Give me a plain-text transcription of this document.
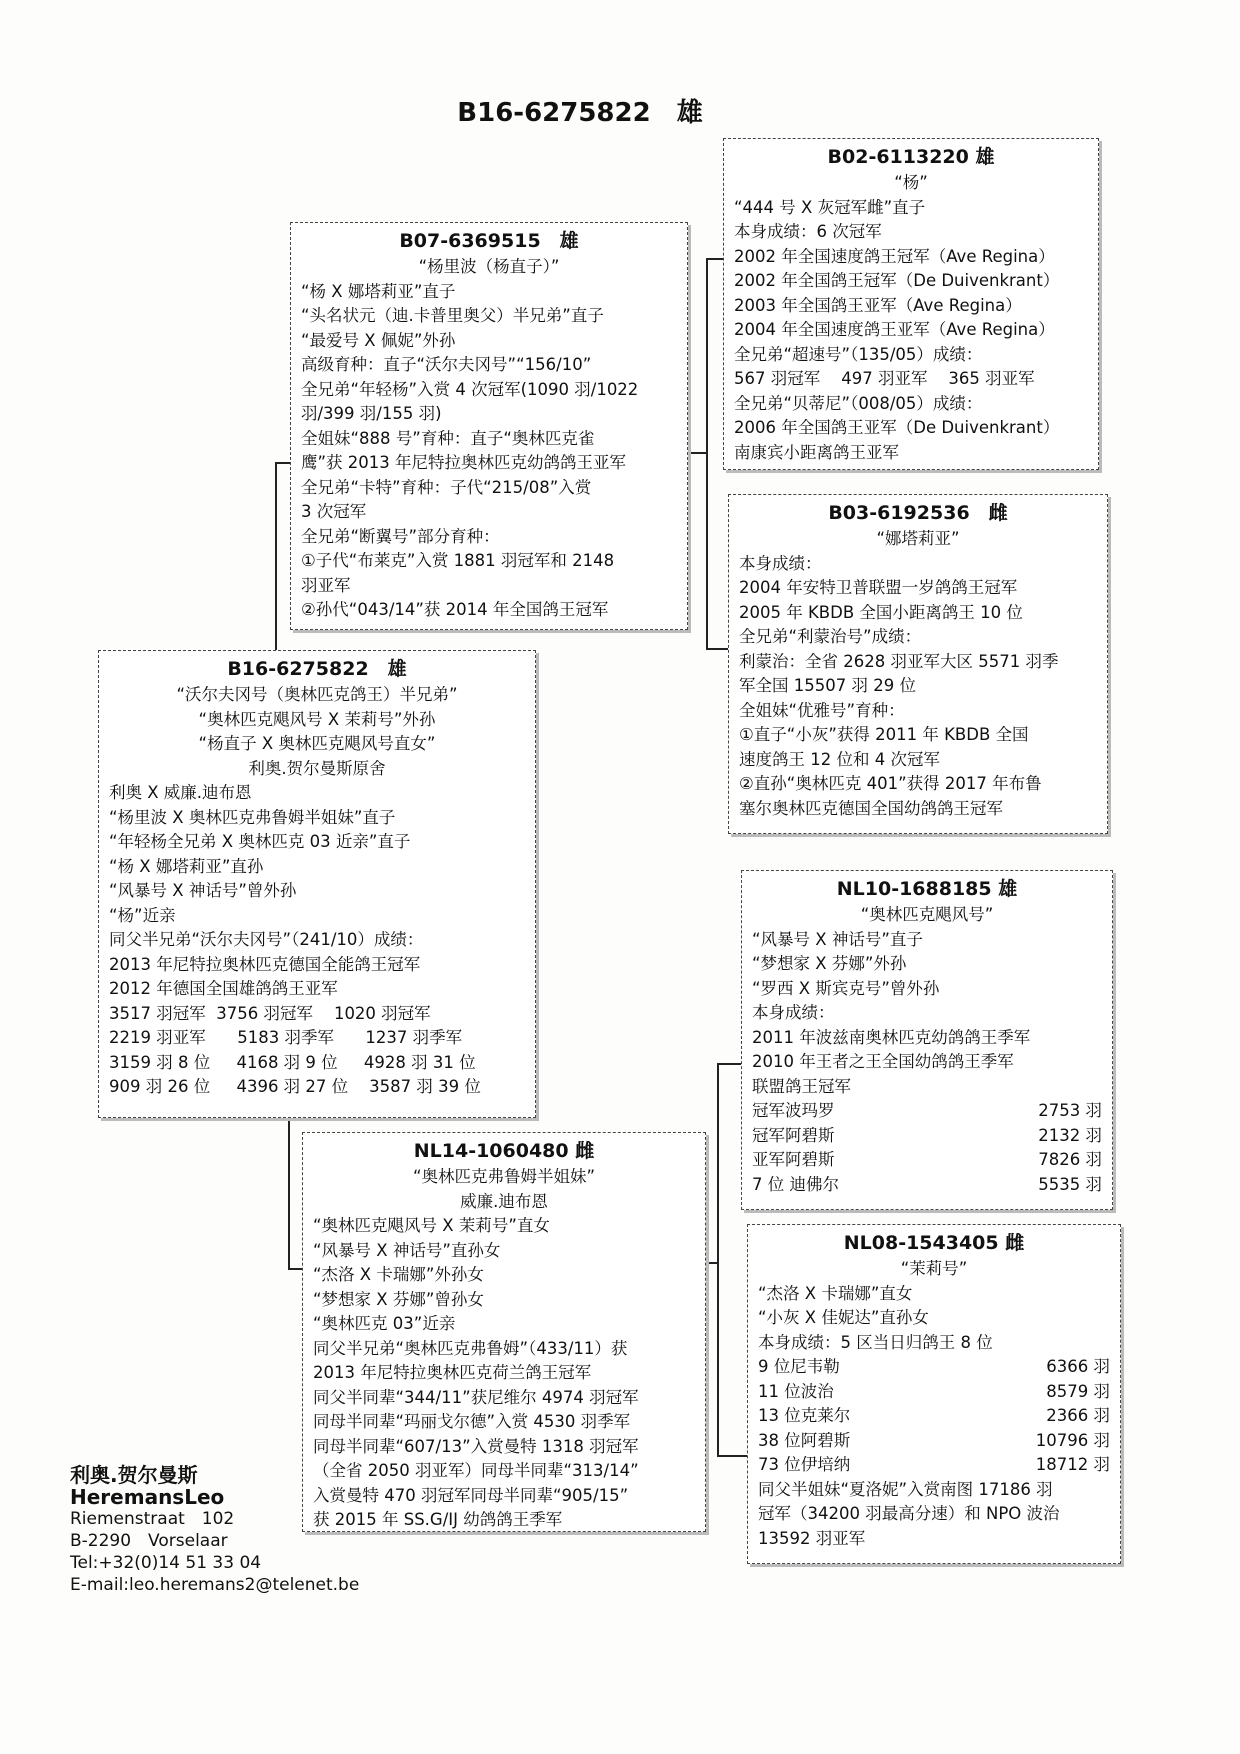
B16-6275822　雄
B07-6369515　雄
“杨里波（杨直子）”
“杨 X 娜塔莉亚”直子
“头名状元（迪.卡普里奥父）半兄弟”直子
“最爱号 X 佩妮”外孙
高级育种：直子“沃尔夫冈号”“156/10”
全兄弟“年轻杨”入赏 4 次冠军(1090 羽/1022
羽/399 羽/155 羽)
全姐妹“888 号”育种：直子“奥林匹克雀
鹰”获 2013 年尼特拉奥林匹克幼鸽鸽王亚军
全兄弟“卡特”育种：子代“215/08”入赏
3 次冠军
全兄弟“断翼号”部分育种：
①子代“布莱克”入赏 1881 羽冠军和 2148
羽亚军
②孙代“043/14”获 2014 年全国鸽王冠军
B16-6275822　雄
“沃尔夫冈号（奥林匹克鸽王）半兄弟”
“奥林匹克飓风号 X 茉莉号”外孙
“杨直子 X 奥林匹克飓风号直女”
利奥.贺尔曼斯原舍
利奥 X 威廉.迪布恩
“杨里波 X 奥林匹克弗鲁姆半姐妹”直子
“年轻杨全兄弟 X 奥林匹克 03 近亲”直子
“杨 X 娜塔莉亚”直孙
“风暴号 X 神话号”曾外孙
“杨”近亲
同父半兄弟“沃尔夫冈号”（241/10）成绩：
2013 年尼特拉奥林匹克德国全能鸽王冠军
2012 年德国全国雄鸽鸽王亚军
3517 羽冠军  3756 羽冠军    1020 羽冠军
2219 羽亚军      5183 羽季军      1237 羽季军
3159 羽 8 位     4168 羽 9 位     4928 羽 31 位
909 羽 26 位     4396 羽 27 位    3587 羽 39 位
NL14-1060480 雌
“奥林匹克弗鲁姆半姐妹”
威廉.迪布恩
“奥林匹克飓风号 X 茉莉号”直女
“风暴号 X 神话号”直孙女
“杰洛 X 卡瑞娜”外孙女
“梦想家 X 芬娜”曾孙女
“奥林匹克 03”近亲
同父半兄弟“奥林匹克弗鲁姆”（433/11）获
2013 年尼特拉奥林匹克荷兰鸽王冠军
同父半同辈“344/11”获尼维尔 4974 羽冠军
同母半同辈“玛丽戈尔德”入赏 4530 羽季军
同母半同辈“607/13”入赏曼特 1318 羽冠军
（全省 2050 羽亚军）同母半同辈“313/14”
入赏曼特 470 羽冠军同母半同辈“905/15”
获 2015 年 SS.G/IJ 幼鸽鸽王季军
B02-6113220 雄
“杨”
“444 号 X 灰冠军雌”直子
本身成绩：6 次冠军
2002 年全国速度鸽王冠军（Ave Regina）
2002 年全国鸽王冠军（De Duivenkrant）
2003 年全国鸽王亚军（Ave Regina）
2004 年全国速度鸽王亚军（Ave Regina）
全兄弟“超速号”（135/05）成绩：
567 羽冠军    497 羽亚军    365 羽亚军
全兄弟“贝蒂尼”（008/05）成绩：
2006 年全国鸽王亚军（De Duivenkrant）
南康宾小距离鸽王亚军
B03-6192536　雌
“娜塔莉亚”
本身成绩：
2004 年安特卫普联盟一岁鸽鸽王冠军
2005 年 KBDB 全国小距离鸽王 10 位
全兄弟“利蒙治号”成绩：
利蒙治：全省 2628 羽亚军大区 5571 羽季
军全国 15507 羽 29 位
全姐妹“优雅号”育种：
①直子“小灰”获得 2011 年 KBDB 全国
速度鸽王 12 位和 4 次冠军
②直孙“奥林匹克 401”获得 2017 年布鲁
塞尔奥林匹克德国全国幼鸽鸽王冠军
NL10-1688185 雄
“奥林匹克飓风号”
“风暴号 X 神话号”直子
“梦想家 X 芬娜”外孙
“罗西 X 斯宾克号”曾外孙
本身成绩：
2011 年波兹南奥林匹克幼鸽鸽王季军
2010 年王者之王全国幼鸽鸽王季军
联盟鸽王冠军
冠军波玛罗	2753 羽
冠军阿碧斯	2132 羽
亚军阿碧斯	7826 羽
7 位 迪佛尔	5535 羽
NL08-1543405 雌
“茉莉号”
“杰洛 X 卡瑞娜”直女
“小灰 X 佳妮达”直孙女
本身成绩：5 区当日归鸽王 8 位
9 位尼韦勒	6366 羽
11 位波治	8579 羽
13 位克莱尔	2366 羽
38 位阿碧斯	10796 羽
73 位伊培纳	18712 羽
同父半姐妹“夏洛妮”入赏南图 17186 羽
冠军（34200 羽最高分速）和 NPO 波治
13592 羽亚军
利奥.贺尔曼斯
HeremansLeo
Riemenstraat　102
B-2290　Vorselaar
Tel:+32(0)14 51 33 04
E-mail:leo.heremans2@telenet.be
